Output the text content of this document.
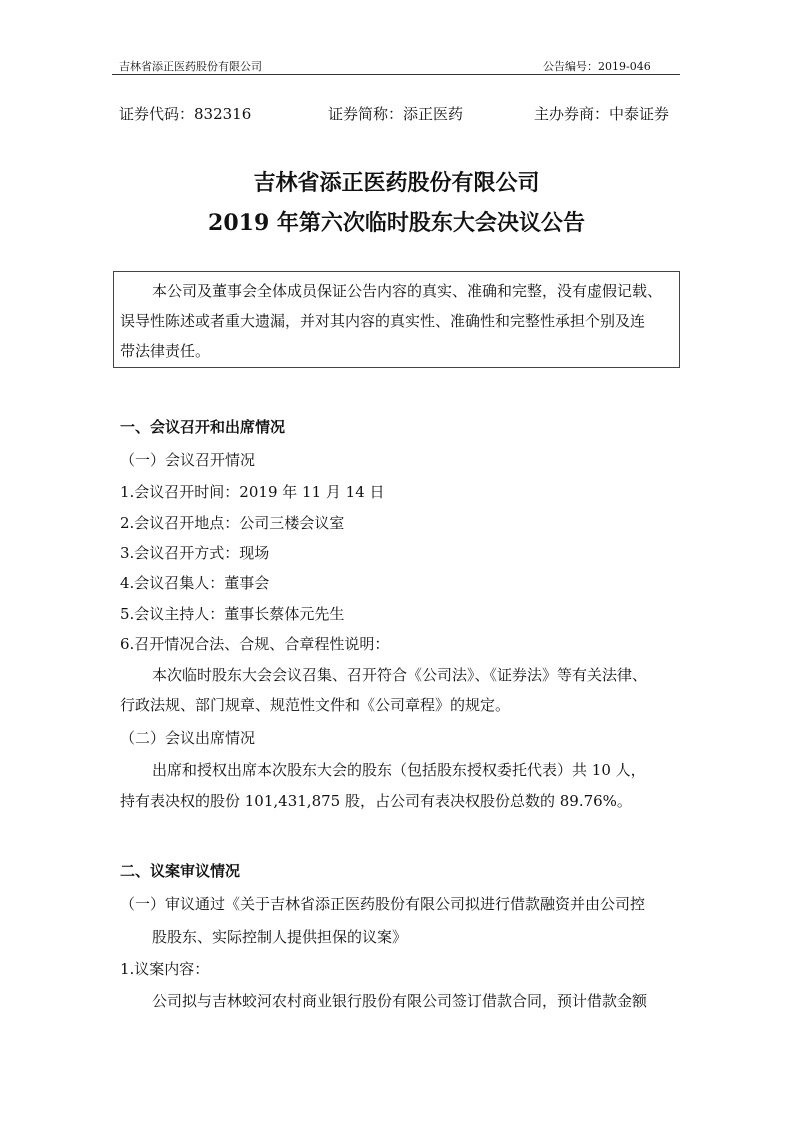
吉林省添正医药股份有限公司	公告编号：2019-046
证券代码：832316	证券简称：添正医药	主办券商：中泰证券
吉林省添正医药股份有限公司
2019 年第六次临时股东大会决议公告
本公司及董事会全体成员保证公告内容的真实、准确和完整，没有虚假记载、
误导性陈述或者重大遗漏，并对其内容的真实性、准确性和完整性承担个别及连
带法律责任。
一、会议召开和出席情况
（一）会议召开情况
1.会议召开时间：2019 年 11 月 14 日
2.会议召开地点：公司三楼会议室
3.会议召开方式：现场
4.会议召集人：董事会
5.会议主持人：董事长蔡体元先生
6.召开情况合法、合规、合章程性说明：
本次临时股东大会会议召集、召开符合《公司法》、《证券法》等有关法律、
行政法规、部门规章、规范性文件和《公司章程》的规定。
（二）会议出席情况
出席和授权出席本次股东大会的股东（包括股东授权委托代表）共 10 人，
持有表决权的股份 101,431,875 股，占公司有表决权股份总数的 89.76%。
二、议案审议情况
（一）审议通过《关于吉林省添正医药股份有限公司拟进行借款融资并由公司控
股股东、实际控制人提供担保的议案》
1.议案内容：
公司拟与吉林蛟河农村商业银行股份有限公司签订借款合同，预计借款金额
